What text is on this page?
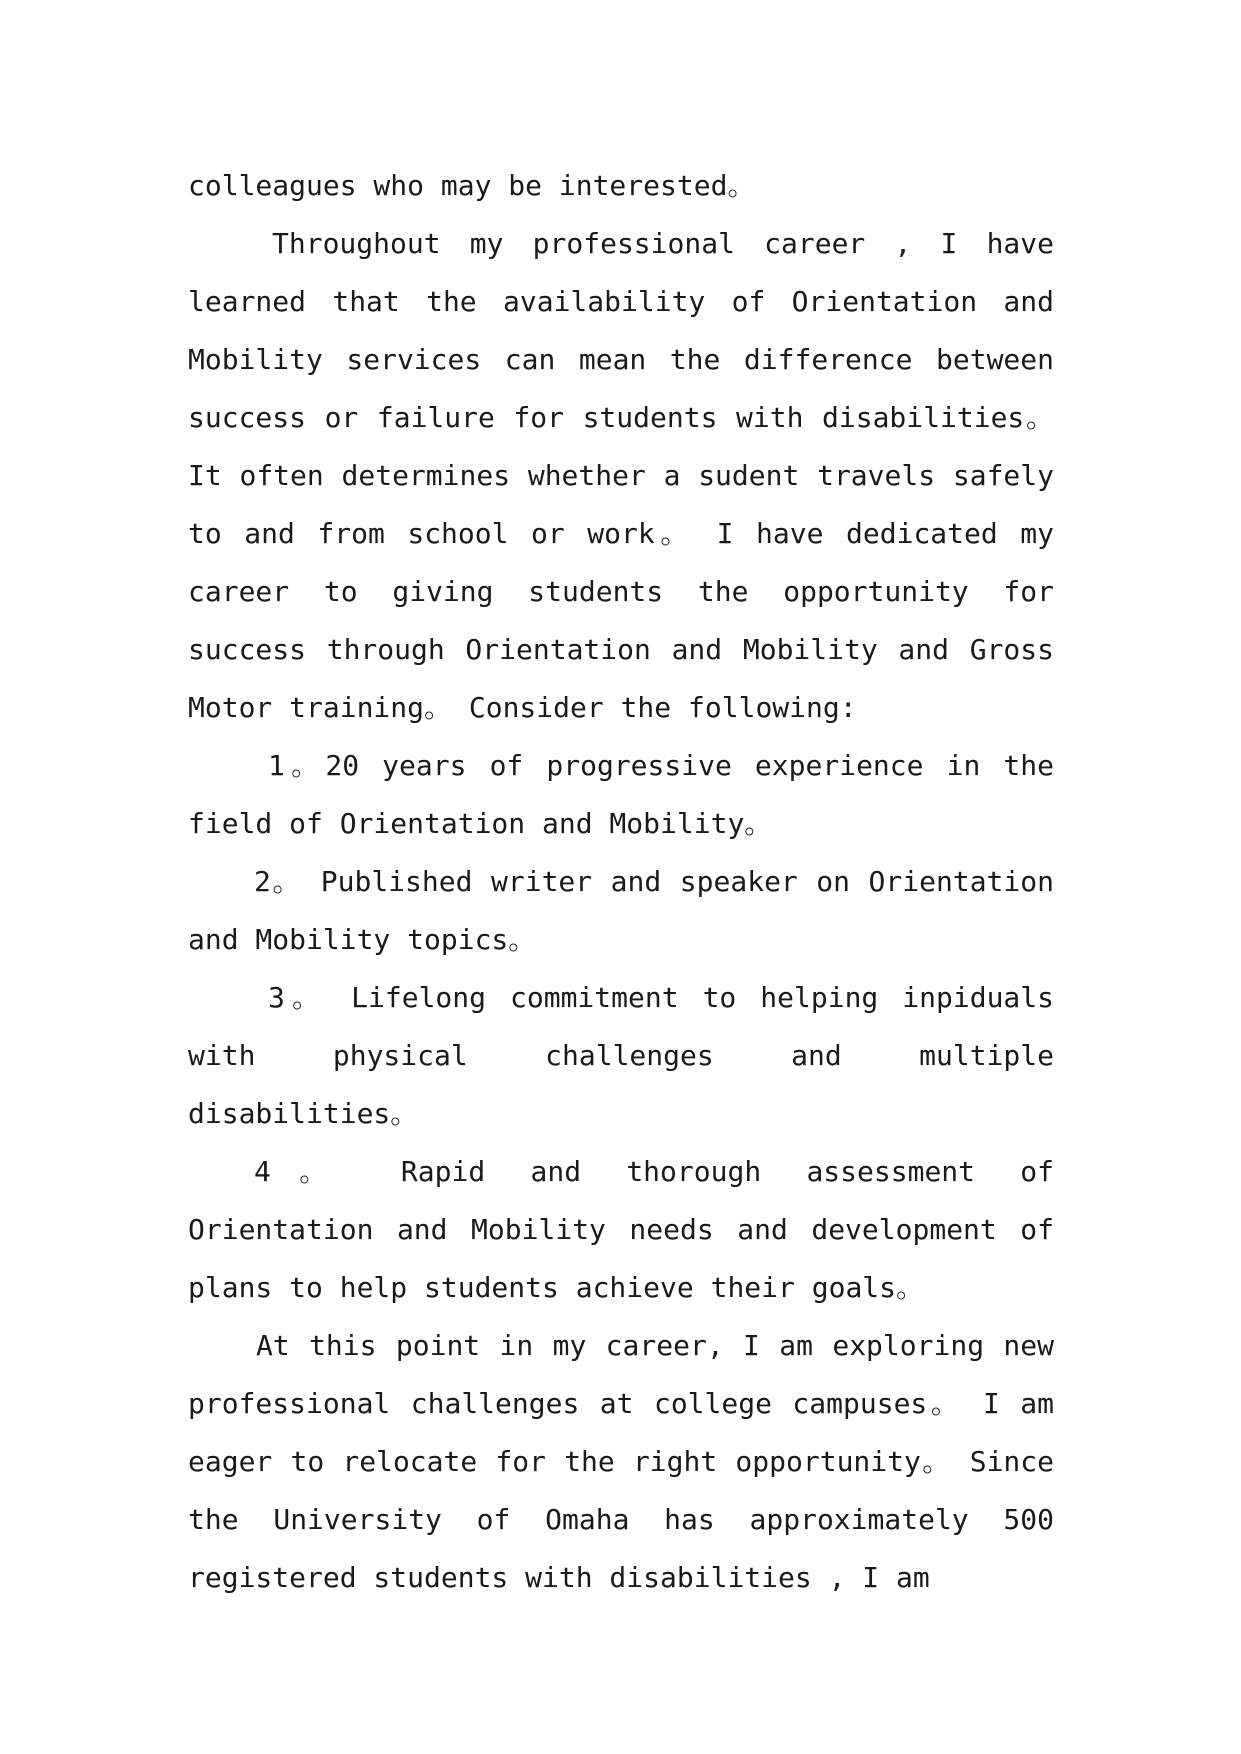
colleagues who may be interested。

Throughout my professional career , I have learned that the availability of Orientation and Mobility services can mean the difference between success or failure for students with disabilities。 It often determines whether a sudent travels safely to and from school or work。 I have dedicated my career to giving students the opportunity for success through Orientation and Mobility and Gross Motor training。 Consider the following:

1。20 years of progressive experience in the field of Orientation and Mobility。

2。 Published writer and speaker on Orientation and Mobility topics。

3。 Lifelong commitment to helping inpiduals with physical challenges and multiple disabilities。

4。 Rapid and thorough assessment of Orientation and Mobility needs and development of plans to help students achieve their goals。

At this point in my career, I am exploring new professional challenges at college campuses。 I am eager to relocate for the right opportunity。 Since the University of Omaha has approximately 500 registered students with disabilities , I am
